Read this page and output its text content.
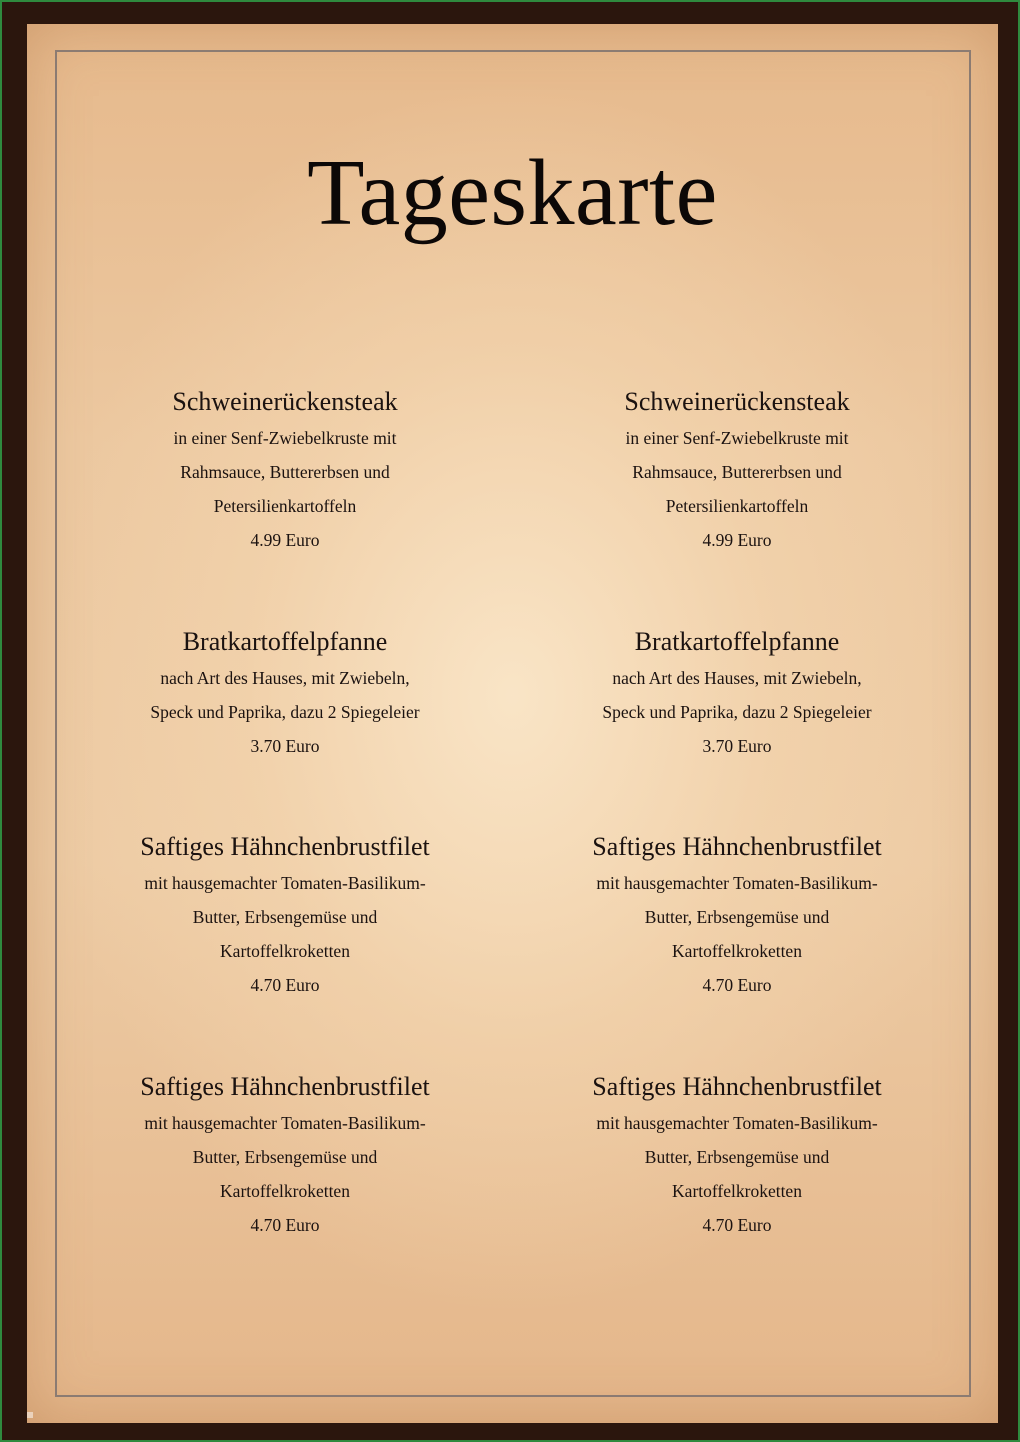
Tageskarte
Schweinerückensteak
in einer Senf-Zwiebelkruste mit
Rahmsauce, Buttererbsen und
Petersilienkartoffeln
4.99 Euro
Bratkartoffelpfanne
nach Art des Hauses, mit Zwiebeln,
Speck und Paprika, dazu 2 Spiegeleier
3.70 Euro
Saftiges Hähnchenbrustfilet
mit hausgemachter Tomaten-Basilikum-
Butter, Erbsengemüse und
Kartoffelkroketten
4.70 Euro
Saftiges Hähnchenbrustfilet
mit hausgemachter Tomaten-Basilikum-
Butter, Erbsengemüse und
Kartoffelkroketten
4.70 Euro
Schweinerückensteak
in einer Senf-Zwiebelkruste mit
Rahmsauce, Buttererbsen und
Petersilienkartoffeln
4.99 Euro
Bratkartoffelpfanne
nach Art des Hauses, mit Zwiebeln,
Speck und Paprika, dazu 2 Spiegeleier
3.70 Euro
Saftiges Hähnchenbrustfilet
mit hausgemachter Tomaten-Basilikum-
Butter, Erbsengemüse und
Kartoffelkroketten
4.70 Euro
Saftiges Hähnchenbrustfilet
mit hausgemachter Tomaten-Basilikum-
Butter, Erbsengemüse und
Kartoffelkroketten
4.70 Euro
